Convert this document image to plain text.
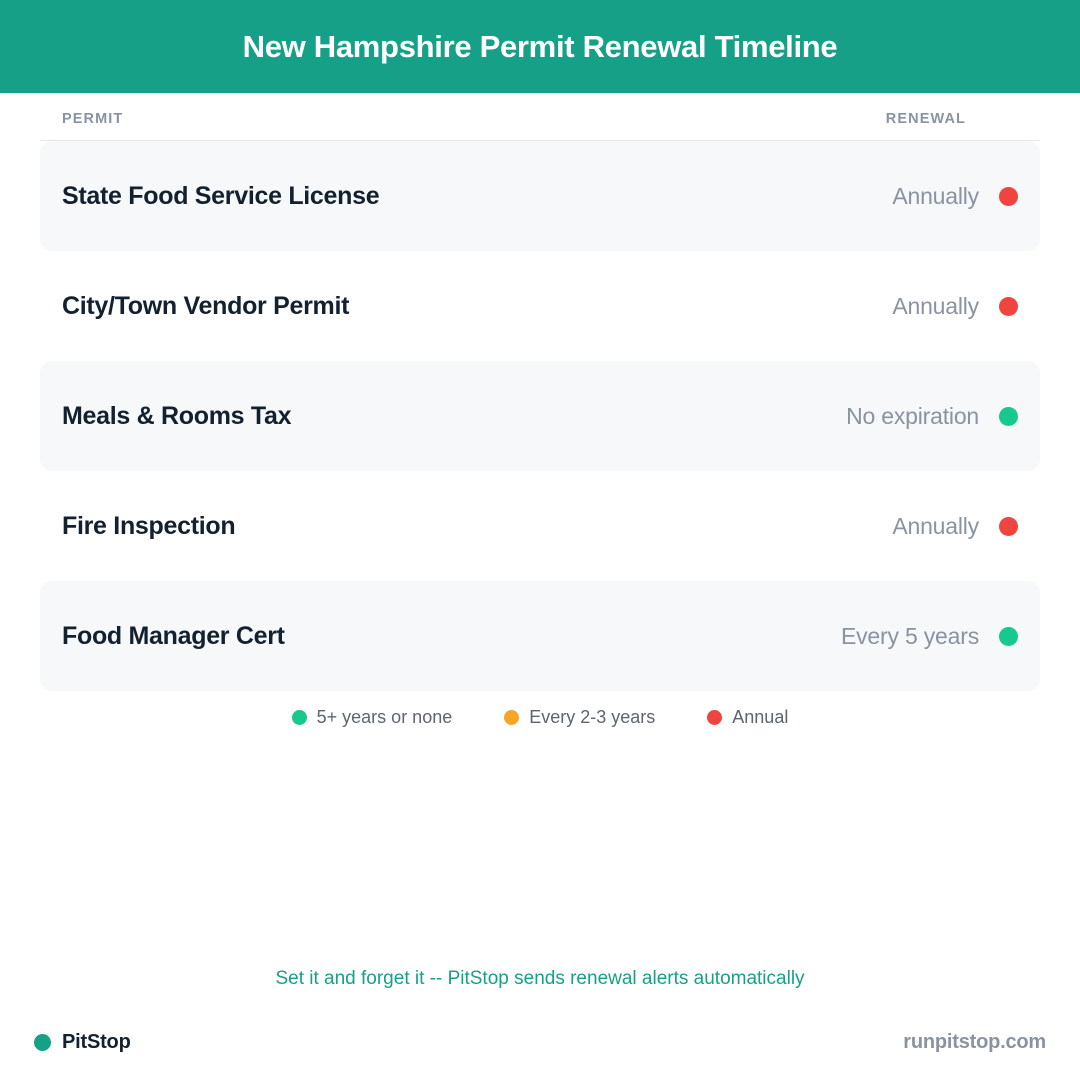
New Hampshire Permit Renewal Timeline
PERMIT	RENEWAL
State Food Service License	Annually
City/Town Vendor Permit	Annually
Meals & Rooms Tax	No expiration
Fire Inspection	Annually
Food Manager Cert	Every 5 years
5+ years or none	Every 2-3 years	Annual
Set it and forget it -- PitStop sends renewal alerts automatically
PitStop	runpitstop.com
